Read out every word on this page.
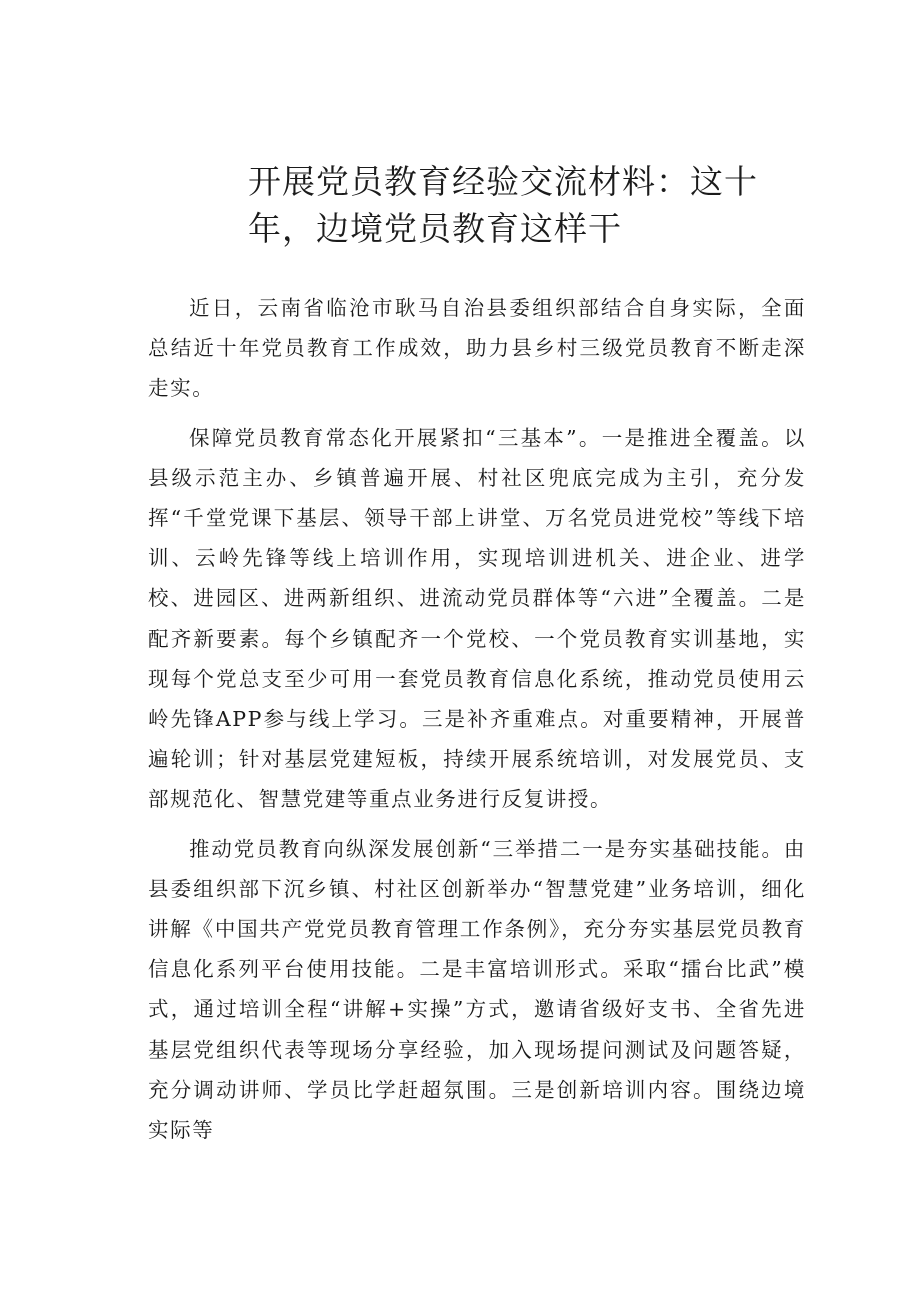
开展党员教育经验交流材料：这十年，边境党员教育这样干

近日，云南省临沧市耿马自治县委组织部结合自身实际，全面总结近十年党员教育工作成效，助力县乡村三级党员教育不断走深走实。

保障党员教育常态化开展紧扣“三基本”。一是推进全覆盖。以县级示范主办、乡镇普遍开展、村社区兜底完成为主引，充分发挥“千堂党课下基层、领导干部上讲堂、万名党员进党校”等线下培训、云岭先锋等线上培训作用，实现培训进机关、进企业、进学校、进园区、进两新组织、进流动党员群体等“六进”全覆盖。二是配齐新要素。每个乡镇配齐一个党校、一个党员教育实训基地，实现每个党总支至少可用一套党员教育信息化系统，推动党员使用云岭先锋APP参与线上学习。三是补齐重难点。对重要精神，开展普遍轮训；针对基层党建短板，持续开展系统培训，对发展党员、支部规范化、智慧党建等重点业务进行反复讲授。

推动党员教育向纵深发展创新“三举措二一是夯实基础技能。由县委组织部下沉乡镇、村社区创新举办“智慧党建”业务培训，细化讲解《中国共产党党员教育管理工作条例》，充分夯实基层党员教育信息化系列平台使用技能。二是丰富培训形式。采取“擂台比武”模式，通过培训全程“讲解+实操”方式，邀请省级好支书、全省先进基层党组织代表等现场分享经验，加入现场提问测试及问题答疑，充分调动讲师、学员比学赶超氛围。三是创新培训内容。围绕边境实际等
